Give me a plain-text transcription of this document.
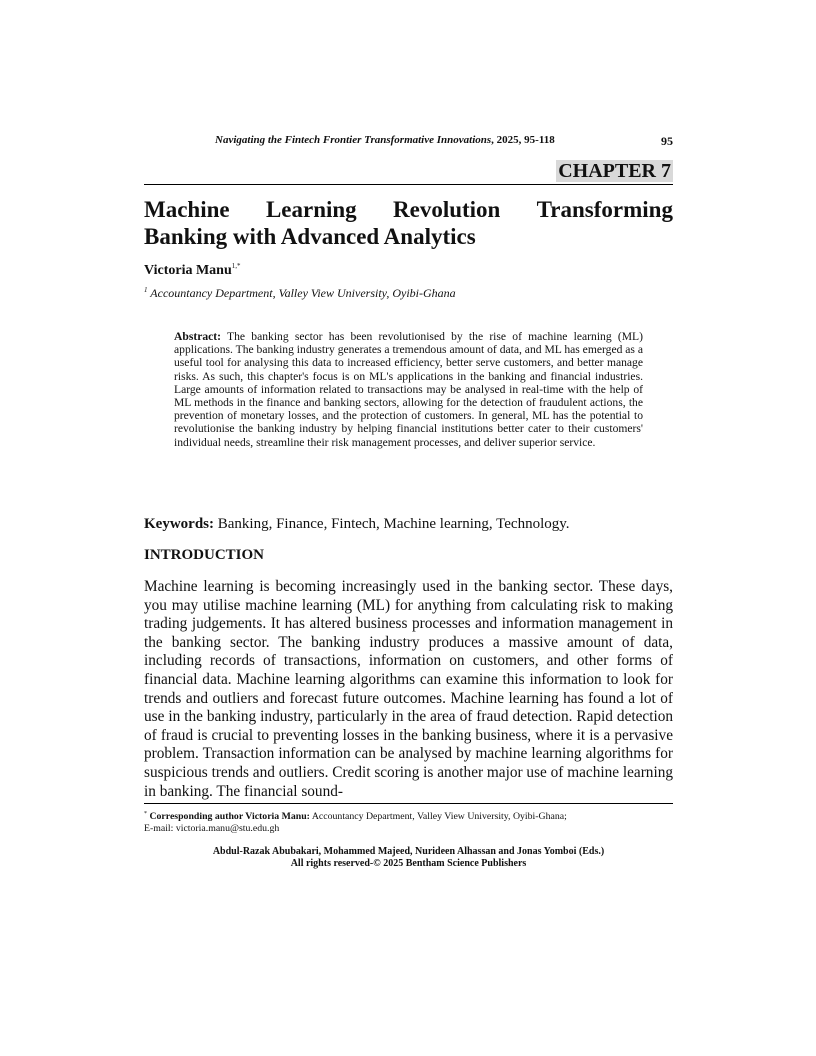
Navigating the Fintech Frontier Transformative Innovations, 2025, 95-118	95
CHAPTER 7
Machine Learning Revolution Transforming
Banking with Advanced Analytics
Victoria Manu$^{1,*}$
$^1$ Accountancy Department, Valley View University, Oyibi-Ghana
Abstract: The banking sector has been revolutionised by the rise of machine learning (ML) applications. The banking industry generates a tremendous amount of data, and ML has emerged as a useful tool for analysing this data to increased efficiency, better serve customers, and better manage risks. As such, this chapter's focus is on ML's applications in the banking and financial industries. Large amounts of information related to transactions may be analysed in real-time with the help of ML methods in the finance and banking sectors, allowing for the detection of fraudulent actions, the prevention of monetary losses, and the protection of customers. In general, ML has the potential to revolutionise the banking industry by helping financial institutions better cater to their customers' individual needs, streamline their risk management processes, and deliver superior service.
Keywords: Banking, Finance, Fintech, Machine learning, Technology.
INTRODUCTION
Machine learning is becoming increasingly used in the banking sector. These days, you may utilise machine learning (ML) for anything from calculating risk to making trading judgements. It has altered business processes and information management in the banking sector. The banking industry produces a massive amount of data, including records of transactions, information on customers, and other forms of financial data. Machine learning algorithms can examine this information to look for trends and outliers and forecast future outcomes. Machine learning has found a lot of use in the banking industry, particularly in the area of fraud detection. Rapid detection of fraud is crucial to preventing losses in the banking business, where it is a pervasive problem. Transaction information can be analysed by machine learning algorithms for suspicious trends and outliers. Credit scoring is another major use of machine learning in banking. The financial sound-
* Corresponding author Victoria Manu: Accountancy Department, Valley View University, Oyibi-Ghana;
E-mail: victoria.manu@stu.edu.gh
Abdul-Razak Abubakari, Mohammed Majeed, Nurideen Alhassan and Jonas Yomboi (Eds.)
All rights reserved-© 2025 Bentham Science Publishers
